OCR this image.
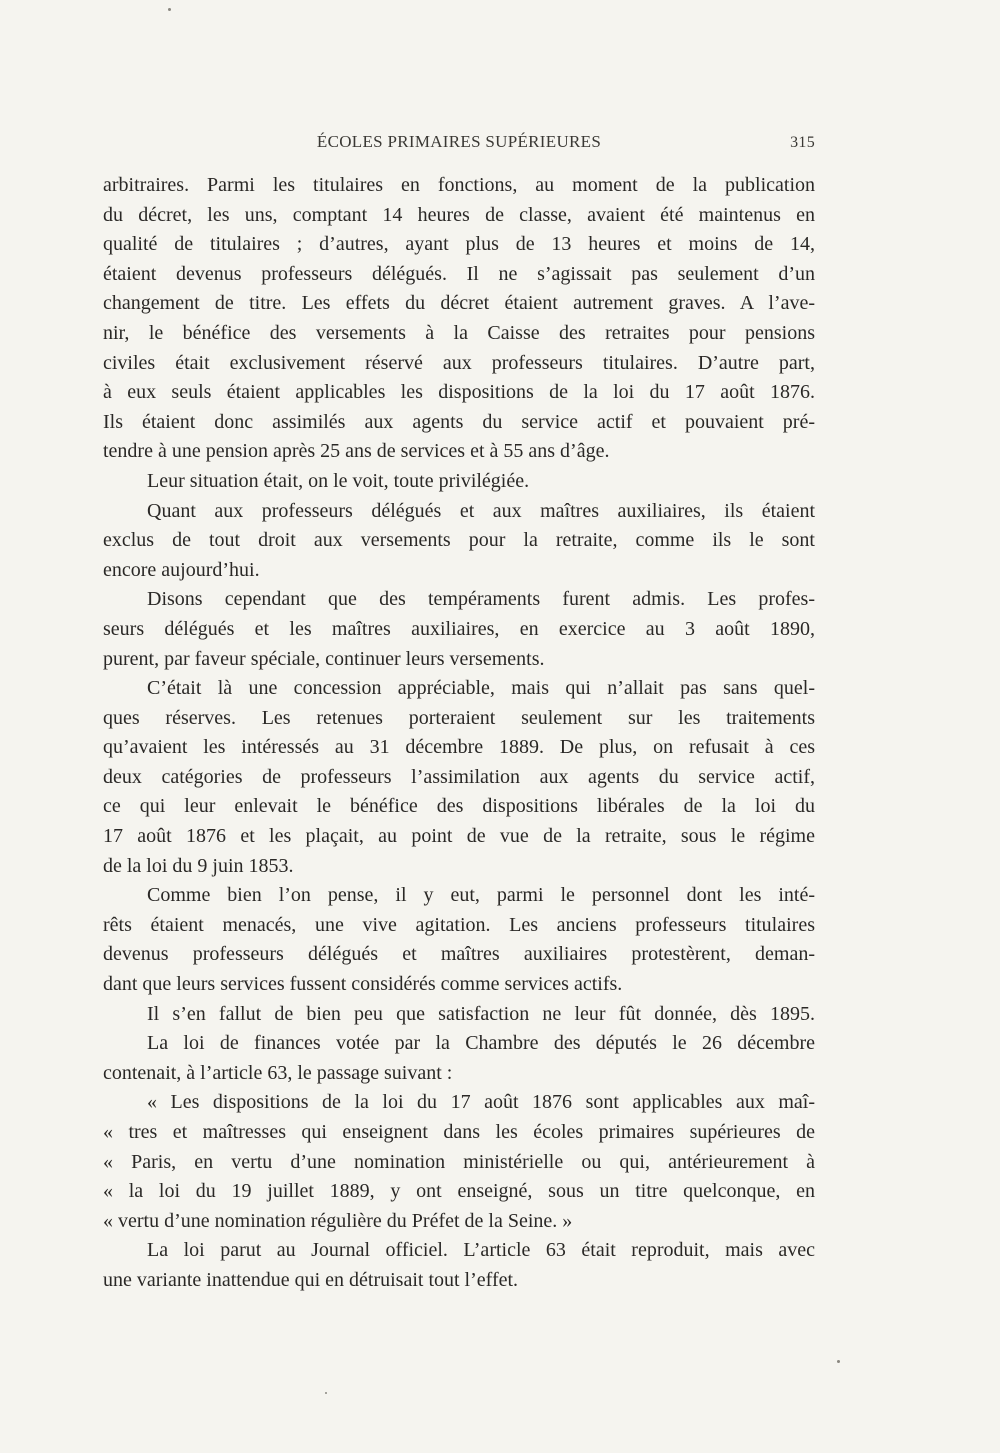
ÉCOLES PRIMAIRES SUPÉRIEURES	315
arbitraires. Parmi les titulaires en fonctions, au moment de la publication
du décret, les uns, comptant 14 heures de classe, avaient été maintenus en
qualité de titulaires ; d’autres, ayant plus de 13 heures et moins de 14,
étaient devenus professeurs délégués. Il ne s’agissait pas seulement d’un
changement de titre. Les effets du décret étaient autrement graves. A l’ave-
nir, le bénéfice des versements à la Caisse des retraites pour pensions
civiles était exclusivement réservé aux professeurs titulaires. D’autre part,
à eux seuls étaient applicables les dispositions de la loi du 17 août 1876.
Ils étaient donc assimilés aux agents du service actif et pouvaient pré-
tendre à une pension après 25 ans de services et à 55 ans d’âge.
Leur situation était, on le voit, toute privilégiée.
Quant aux professeurs délégués et aux maîtres auxiliaires, ils étaient
exclus de tout droit aux versements pour la retraite, comme ils le sont
encore aujourd’hui.
Disons cependant que des tempéraments furent admis. Les profes-
seurs délégués et les maîtres auxiliaires, en exercice au 3 août 1890,
purent, par faveur spéciale, continuer leurs versements.
C’était là une concession appréciable, mais qui n’allait pas sans quel-
ques réserves. Les retenues porteraient seulement sur les traitements
qu’avaient les intéressés au 31 décembre 1889. De plus, on refusait à ces
deux catégories de professeurs l’assimilation aux agents du service actif,
ce qui leur enlevait le bénéfice des dispositions libérales de la loi du
17 août 1876 et les plaçait, au point de vue de la retraite, sous le régime
de la loi du 9 juin 1853.
Comme bien l’on pense, il y eut, parmi le personnel dont les inté-
rêts étaient menacés, une vive agitation. Les anciens professeurs titulaires
devenus professeurs délégués et maîtres auxiliaires protestèrent, deman-
dant que leurs services fussent considérés comme services actifs.
Il s’en fallut de bien peu que satisfaction ne leur fût donnée, dès 1895.
La loi de finances votée par la Chambre des députés le 26 décembre
contenait, à l’article 63, le passage suivant :
« Les dispositions de la loi du 17 août 1876 sont applicables aux maî-
« tres et maîtresses qui enseignent dans les écoles primaires supérieures de
« Paris, en vertu d’une nomination ministérielle ou qui, antérieurement à
« la loi du 19 juillet 1889, y ont enseigné, sous un titre quelconque, en
« vertu d’une nomination régulière du Préfet de la Seine. »
La loi parut au Journal officiel. L’article 63 était reproduit, mais avec
une variante inattendue qui en détruisait tout l’effet.
